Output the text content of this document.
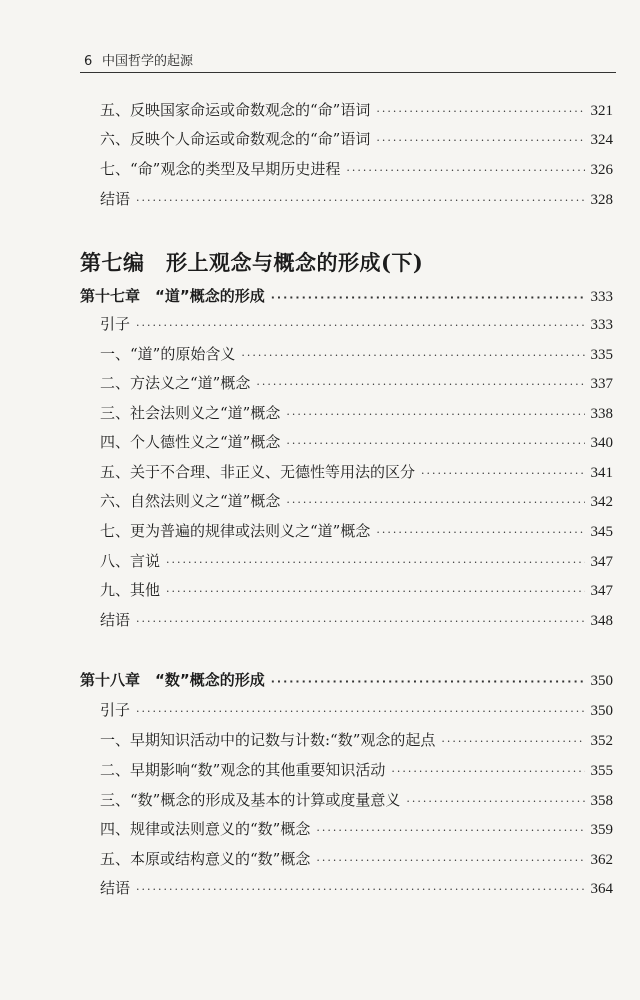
6 中国哲学的起源
五、反映国家命运或命数观念的“命”语词 ·····	321
六、反映个人命运或命数观念的“命”语词 ·····	324
七、“命”观念的类型及早期历史进程 ·····	326
结语 ·····	328
第七编　形上观念与概念的形成(下)
第十七章　“道”概念的形成 ·····	333
引子 ·····	333
一、“道”的原始含义 ·····	335
二、方法义之“道”概念 ·····	337
三、社会法则义之“道”概念 ·····	338
四、个人德性义之“道”概念 ·····	340
五、关于不合理、非正义、无德性等用法的区分 ·····	341
六、自然法则义之“道”概念 ·····	342
七、更为普遍的规律或法则义之“道”概念 ·····	345
八、言说 ·····	347
九、其他 ·····	347
结语 ·····	348
第十八章　“数”概念的形成 ·····	350
引子 ·····	350
一、早期知识活动中的记数与计数:“数”观念的起点 ·····	352
二、早期影响“数”观念的其他重要知识活动 ·····	355
三、“数”概念的形成及基本的计算或度量意义 ·····	358
四、规律或法则意义的“数”概念 ·····	359
五、本原或结构意义的“数”概念 ·····	362
结语 ·····	364
